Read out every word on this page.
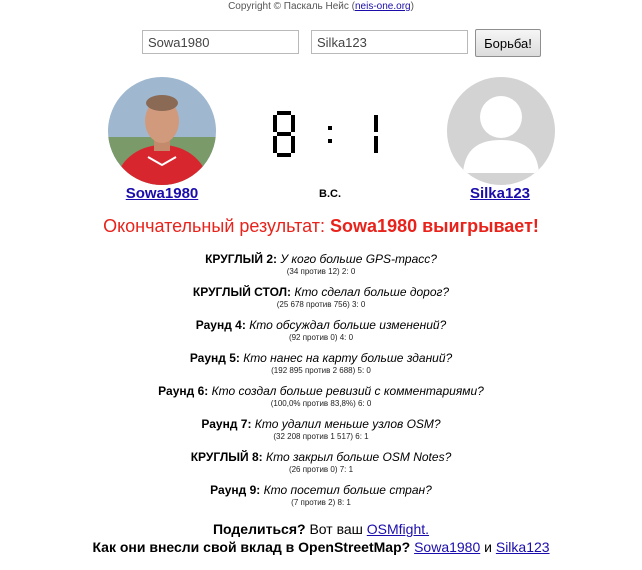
Copyright © Паскаль Нейс (neis-one.org)
Sowa1980
Silka123
Борьба!
Sowa1980	Silka123
В.С.
Окончательный результат: Sowa1980 выигрывает!
КРУГЛЫЙ 2: У кого больше GPS-трасс?
(34 против 12) 2: 0
КРУГЛЫЙ СТОЛ: Кто сделал больше дорог?
(25 678 против 756) 3: 0
Раунд 4: Кто обсуждал больше изменений?
(92 против 0) 4: 0
Раунд 5: Кто нанес на карту больше зданий?
(192 895 против 2 688) 5: 0
Раунд 6: Кто создал больше ревизий с комментариями?
(100,0% против 83,8%) 6: 0
Раунд 7: Кто удалил меньше узлов OSM?
(32 208 против 1 517) 6: 1
КРУГЛЫЙ 8: Кто закрыл больше OSM Notes?
(26 против 0) 7: 1
Раунд 9: Кто посетил больше стран?
(7 против 2) 8: 1
Поделиться? Вот ваш OSMfight.
Как они внесли свой вклад в OpenStreetMap? Sowa1980 и Silka123
